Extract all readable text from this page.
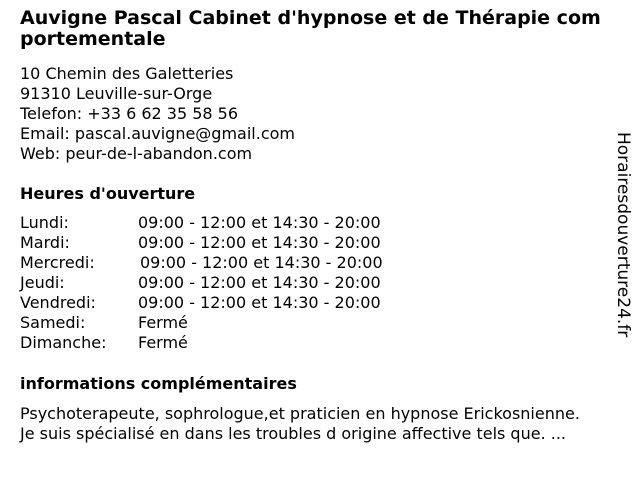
Auvigne Pascal Cabinet d'hypnose et de Thérapie comportementale
10 Chemin des Galetteries
91310 Leuville-sur-Orge
Telefon: +33 6 62 35 58 56
Email: pascal.auvigne@gmail.com
Web: peur-de-l-abandon.com
Heures d'ouverture
Lundi:	09:00 - 12:00 et 14:30 - 20:00
Mardi:	09:00 - 12:00 et 14:30 - 20:00
Mercredi:	09:00 - 12:00 et 14:30 - 20:00
Jeudi:	09:00 - 12:00 et 14:30 - 20:00
Vendredi:	09:00 - 12:00 et 14:30 - 20:00
Samedi:	Fermé
Dimanche: Fermé
informations complémentaires
Psychoterapeute, sophrologue,et praticien en hypnose Erickosnienne.
Je suis spécialisé en dans les troubles d origine affective tels que. ...
Horairesdouverture24.fr
